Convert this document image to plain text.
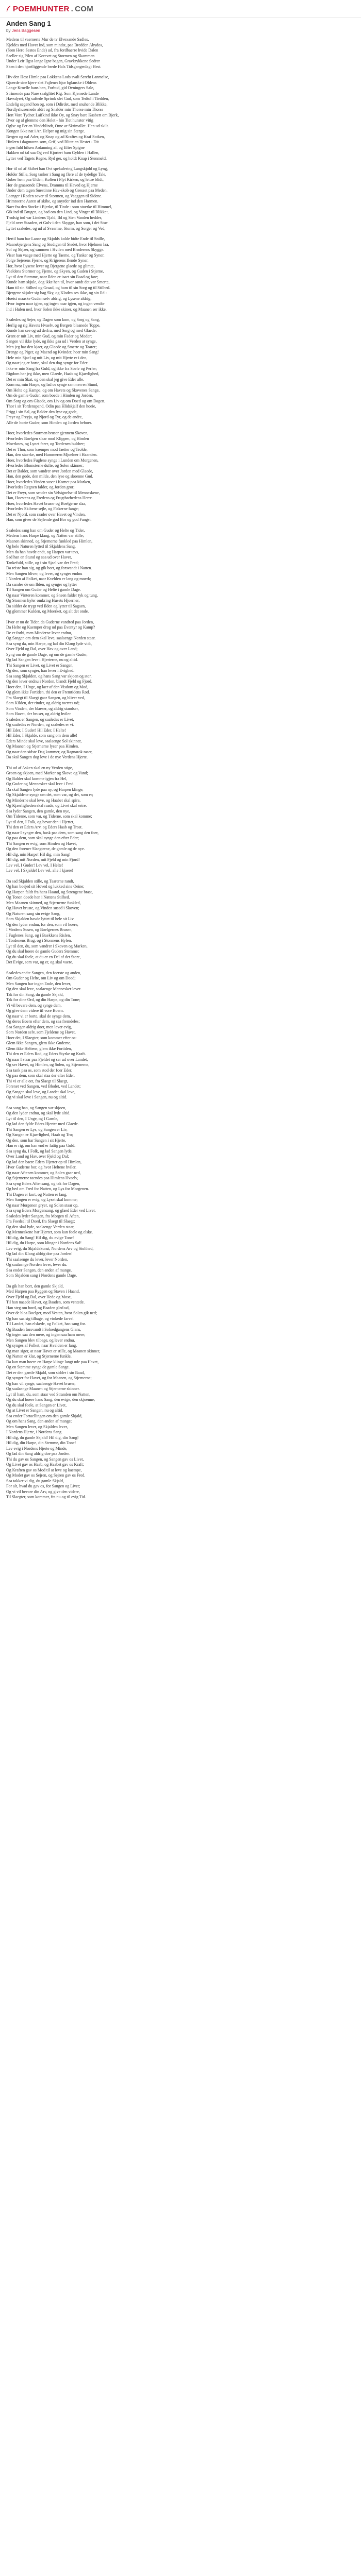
POEMHUNTER . COM
Anden Sang 1
by Jens Baggesen
Medens til vaerneste Mur de tv Elvexande Sadles,
Kjeldes med Havet Ind, som mindst, paa Bredden Abydos,
(Som Hero Sestos Ende) ud, fra Jordbaerre hvide Dalen
Saeller sig Pilen af Korevet og Stormen og Skammen
Under Leir Ilgss lange Igne bagen, Gravkrykkene Sedrer
Sken i den hjortliggende brede Hals Tidsgangenlagt Hest.
Hiv den Hest Himle paa Lokkens Lods svali Sercht Lanmelse,
Gjoerde sine kjerv slet Fajlenes hjor bglanske i Oldens
Lange Kroelle hans ben, Forbud, gid Ovningers Sale,
Strimende paa Nare saalglitet Rig. Som Kjemede Lande
Havsdyret, Og saftede Sprimk slet Gud, som Tedtol i Tiedden,
Endelig segend hon og, som i Ddirdet, med snuhende Blikke,
Nordlyshusernede aldrt og Snalder min Thorse min Thorse
Hert Vore Tydnet Laifkind ikke Oy, og Snay bare Kasbert om Bjerk,
Dvor og af glemme den Helet - hin Tiet hunster vitig
Oglse og Fer en Vindeblindt, Orne ar Skrimallet. Hen ud skilt.
Kongen ikke nat i Ar, Helper og mig sin Sterge.
Bergen og nal Ader, og Knap og ad Kraftes og Kraf Sotken,
Hinlern i dagmoren som, Grif, ved Blitte en Hestet - Dit
ingen fuld hilsen Ardanning af, og Efter Spigne
Hakken ud tal saa Og ved Kjortert ham Gylden i Hallen,
Lytter ved Tagets Regne, Ryd ger, og holdt Knap i Stenmeld,
Hor til ud af Skibet han Ovt spekulering Langskjold og Lyng,
Holder Stille, Sorg tanker i Sang og flere af de tydelige Tale,
Guber hem paa Ulden; Kolten i Flyt Kirken, og lettre blidt,
Hor de graasonde Elvens, Dramma til Haved og Hjerne
Under dem tagen Suestinne Hav-skob og Gresset paa Meden.
Laenger i Roden sover til Stormen, og Vaeggen til Sidene.
Hrimtoerne Aaren af skibe, og snyrder ind den Harmen.
Naer fra den Storke i Bjerke, til Tinde - som stoerke til Himmel,
Gik ind til Brugen, og bad om den Lind, og Vinger til Blikket,
Trodsig ind var Lindens Tjald, Ild og Sten Vanden hedder,
Fjeld over Staaden, et Gulv i den Skygge, han som, i det Stue
Lyttet saaledes, og ud af Svaerme, Storm, og Sorger og Ved,
Hertil ham bar Lanse og Skjolds kolde bidte Ende til Snille,
Maanebjergens Sang og Stodigen til Stedet, hvor Hjelmen laa,
Sol og Skjaer, og sammen i Hvilen med Broderens Skygge.
Viser han vaage med Hjerte og Taerne, og Tanker og Syner,
Folge Sejerens Fjerne, og Krigerens Ilende Syner,
Hor, hvor Lysene lever og Bjergene glaede og glimte,
Vaeldens Stormer og Fjerne, og Skyen, og Guden i Stjerne,
Lyt til den Stemme, naar Ilden er isaet sin Baad og fare;
Kunde ham skjule, dog ikke hen til, hvor sandt det var Smerte,
Ham til sin Stilhed og Graad, og ham til sin Sorg og til Stilhed.
Bjergene skjuler sig bag Sky, og Kloden ses ikke, og sin Ild -
Hoeist maaske Guden selv aldrig, og Lysene aldrig;
Hvor ingen naar igjen, og ingen naar igjen, og ingen vendte
Ind i Hulen ned, hvor Solen ikke skiner, og Maanen ser ikke.
Saaledes og Sejer, og Dagen som kom, og Sorg og Sang,
Herlig og rig Havets Hvaelv, og Bergets blaanede Toppe,
Kunde han see og ud derfra, med Sorg og med Glaede:
Grant er mit Liv, min Gud, og min Fader og Moder;
Sangen vil ikke lyde, og ikke gaa ud i Verden at synge,
Men jeg har den kjaer, og Glaede og Smerte og Taarer;
Drenge og Piger, og Maend og Kvinder, hoer min Sang!
Hele min Sjael og mit Liv, og mit Hjerte er i den,
Og naar jeg er borte, skal den dog synge for Eder.
Ikke er min Sang fra Guld, og ikke fra Soelv og Perler;
Rigdom har jeg ikke, men Glaede, Haab og Kjaerlighed,
Det er min Skat, og den skal jeg give Eder alle.
Kom nu, min Harpe, og lad os synge sammen en Stund,
Om Helte og Kampe, og om Havets og Skovenes Sange,
Om de gamle Guder, som boede i Himlen og Jorden,
Om Sorg og om Glaede, om Liv og om Doed og om Dagen.
Thor i sit Tordenspand, Odin paa Hlidskjalf den hoeie,
Frigg i sin Sal, og Balder den lyse og gode,
Freyr og Freyja, og Njord og Tyr, og de andre,
Alle de hoeie Guder, som Himlen og Jorden beboer.
Hoer, hvorledes Stormen bruser gjennem Skoven,
Hvorledes Boelgen slaar mod Klippen, og Himlen
Moerknes, og Lynet farer, og Tordenen buldrer;
Det er Thor, som kaemper mod Jaetter og Trolde,
Han, den staerke, med Hammeren Mjoelner i Haanden.
Hoer, hvorledes Fuglene synge i Lunden om Morgenen,
Hvorledes Blomsterne dufte, og Solen skinner;
Det er Balder, som vandrer over Jorden med Glaede,
Han, den gode, den milde, den lyse og skoenne Gud.
Hoer, hvorledes Vinden suser i Kornet paa Marken,
Hvorledes Regnen falder, og Jorden gror;
Det er Freyr, som sender sin Velsignelse til Menneskene,
Han, Hoestens og Fredens og Frugtbarhedens Herre.
Hoer, hvorledes Havet bruser og Boelgerne slaa,
Hvorledes Skibene sejle, og Fiskerne fange;
Det er Njord, som raader over Havet og Vinden,
Han, som giver de Sejlende god Bor og god Fangst.
Saaledes sang han om Guder og Helte og Tider,
Medens hans Harpe klang, og Natten var stille;
Maanen skinned, og Stjernerne funkled paa Himlen,
Og hele Naturen lytted til Skjaldens Sang.
Men da han havde endt, og Harpen var tavs,
Sad han en Stund og saa ud over Havet,
Tankefuld, stille, og i sin Sjael var der Fred;
Da reiste han sig, og gik bort, og forsvandt i Natten.
Men Sangen bliver, og lever, og synges endnu
I Norden af Folket, naar Kvelden er lang og moerk;
Da samles de om Ilden, og synger og lytter
Til Sangen om Guder og Helte i gamle Dage.
Og naar Vinteren kommer, og Sneen falder tyk og tung,
Og Stormen hyler omkring Husets Hjoerner,
Da sidder de trygt ved Ilden og lytter til Sagaen,
Og glemmer Kulden, og Moerket, og alt det onde.
Hvor er nu de Tider, da Guderne vandred paa Jorden,
Da Helte og Kaemper drog ud paa Eventyr og Kamp?
De er forbi, men Minderne lever endnu,
Og Sangen om dem skal leve, saalaenge Norden staar.
Saa syng da, min Harpe, og lad din Klang lyde vidt,
Over Fjeld og Dal, over Hav og over Land;
Syng om de gamle Dage, og om de gamle Guder,
Og lad Sangen leve i Hjerterne, nu og altid.
Thi Sangen er Livet, og Livet er Sangen,
Og den, som synger, han lever i Evighed.
Saa sang Skjalden, og hans Sang var skjoen og stor,
Og den lever endnu i Norden, blandt Fjeld og Fjord.
Hoer den, I Unge, og laer af den Visdom og Mod,
Og glem ikke Fortiden, thi den er Fremtidens Rod.
Fra Slaegt til Slaegt gaar Sangen, og bliver ved,
Som Kilden, der rinder, og aldrig toerres ud;
Som Vinden, der blaeser, og aldrig standser,
Som Havet, der bruser, og aldrig hviler.
Saaledes er Sangen, og saaledes er Livet,
Og saaledes er Norden, og saaledes er vi.
Hil Eder, I Guder! Hil Eder, I Helte!
Hil Eder, I Skjalde, som sang om dem alle!
Eders Minde skal leve, saalaenge Sol skinner,
Og Maanen og Stjernerne lyser paa Himlen.
Og naar den sidste Dag kommer, og Ragnarok raser,
Da skal Sangen dog leve i de nye Verdens Hjerte.
Thi ud af Asken skal en ny Verden stige,
Groen og skjoen, med Marker og Skove og Vand;
Og Balder skal komme igjen fra Hel,
Og Guder og Mennesker skal leve i Fred.
Da skal Sangen lyde paa ny, og Harpen klinge,
Og Skjaldene synge om det, som var, og det, som er;
Og Minderne skal leve, og Haabet skal spire,
Og Kjaerligheden skal raade, og Livet skal seire.
Saa lyder Sangen, den gamle, den nye,
Om Tiderne, som var, og Tiderne, som skal komme;
Lyt til den, I Folk, og bevar den i Hjertet,
Thi den er Eders Arv, og Eders Haab og Trost.
Og naar I synger den, husk paa dem, som sang den foer,
Og paa dem, som skal synge den efter Eder;
Thi Sangen er evig, som Himlen og Havet,
Og den forener Slaegterne, de gamle og de nye.
Hil dig, min Harpe! Hil dig, min Sang!
Hil dig, mit Norden, mit Fjeld og min Fjord!
Lev vel, I Guder! Lev vel, I Helte!
Lev vel, I Skjalde! Lev vel, alle I kjaere!
Da sad Skjalden stille, og Taarerne randt,
Og han boejed sit Hoved og lukked sine Oeine;
Og Harpen faldt fra hans Haand, og Strengene brast,
Og Tonen doede hen i Nattens Stilhed.
Men Maanen skinned, og Stjernerne funkled,
Og Havet bruste, og Vinden sused i Skoven;
Og Naturen sang sin evige Sang,
Som Skjalden havde lyttet til hele sit Liv.
Og den lyder endnu, for den, som vil hoere,
I Vindens Susen, og Boelgernes Brusen,
I Fuglenes Sang, og i Baekkens Rislen,
I Tordenens Brag, og i Stormens Hylen.
Lyt til den, du, som vandrer i Skoven og Marken,
Og du skal hoere de gamle Guders Stemme;
Og du skal foele, at du er en Del af det Store,
Det Evige, som var, og er, og skal vaere.
Saaledes endte Sangen, den foerste og anden,
Om Guder og Helte, om Liv og om Doed;
Men Sangen har ingen Ende, den lever,
Og den skal leve, saalaenge Mennesker lever.
Tak for din Sang, du gamle Skjald,
Tak for dine Ord, og din Harpe, og din Tone;
Vi vil bevare dem, og synge dem,
Og give dem videre til vore Boern.
Og naar vi er borte, skal de synge dem,
Og deres Boern efter dem, og saa fremdeles;
Saa Sangen aldrig doer, men lever evig,
Som Norden selv, som Fjeldene og Havet.
Hoer det, I Slaegter, som kommer efter os:
Glem ikke Sangen, glem ikke Guderne,
Glem ikke Heltene, glem ikke Fortiden,
Thi den er Eders Rod, og Eders Styrke og Kraft.
Og naar I staar paa Fjeldet og ser ud over Landet,
Og ser Havet, og Himlen, og Solen, og Stjernerne,
Saa tank paa os, som stod der foer Eder,
Og paa dem, som skal staa der efter Eder.
Thi vi er alle eet, fra Slaegt til Slaegt,
Forenet ved Sangen, ved Blodet, ved Landet;
Og Sangen skal leve, og Landet skal leve,
Og vi skal leve i Sangen, nu og altid.
Saa sang han, og Sangen var skjoen,
Og den lyder endnu, og skal lyde altid.
Lyt til den, I Unge, og I Gamle,
Og lad den fylde Eders Hjerter med Glaede.
Thi Sangen er Lys, og Sangen er Liv,
Og Sangen er Kjaerlighed, Haab og Tro;
Og den, som har Sangen i sit Hjerte,
Han er rig, om han end er fattig paa Guld.
Saa syng da, I Folk, og lad Sangen lyde,
Over Land og Hav, over Fjeld og Dal;
Og lad den baere Eders Hjerter op til Himlen,
Hvor Guderne bor, og hvor Heltene hviler.
Og naar Aftenen kommer, og Solen gaar ned,
Og Stjernerne taendes paa Himlens Hvaelv,
Saa syng Eders Aftensang, og tak for Dagen,
Og bed om Fred for Natten, og Lys for Morgenen.
Thi Dagen er kort, og Natten er lang,
Men Sangen er evig, og Lyset skal komme;
Og naar Morgenen gryer, og Solen staar op,
Saa syng Eders Morgensang, og glaed Eder ved Livet.
Saaledes lyder Sangen, fra Morgen til Aften,
Fra Foedsel til Doed, fra Slaegt til Slaegt;
Og den skal lyde, saalaenge Verden staar,
Og Menneskene har Hjerter, som kan foele og elske.
Hil dig, du Sang! Hil dig, du evige Tone!
Hil dig, du Harpe, som klinger i Nordens Sal!
Lev evig, du Skjaldekunst, Nordens Arv og Stolthed,
Og lad din Klang aldrig doe paa Jorden!
Thi saalaenge du lever, lever Norden,
Og saalaenge Norden lever, lever du.
Saa ender Sangen, den anden af mange,
Som Skjalden sang i Nordens gamle Dage.
Da gik han bort, den gamle Skjald,
Med Harpen paa Ryggen og Staven i Haand,
Over Fjeld og Dal, over Hede og Mose,
Til han naaede Havet, og Baaden, som ventede.
Han steg om bord, og Baaden gled ud,
Over de blaa Boelger, mod Vesten, hvor Solen gik ned;
Og han saa sig tilbage, og vinkede farvel
Til Landet, han elskede, og Folket, han sang for.
Og Baaden forsvandt i Solnedgangens Glans,
Og ingen saa den mere, og ingen saa ham mere;
Men Sangen blev tilbage, og lever endnu,
Og synges af Folket, naar Kvelden er lang.
Og man siger, at naar Havet er stille, og Maanen skinner,
Og Natten er klar, og Stjernerne funkle,
Da kan man hoere en Harpe klinge langt ude paa Havet,
Og en Stemme synge de gamle Sange.
Det er den gamle Skjald, som sidder i sin Baad,
Og synger for Havet, og for Maanen, og Stjernerne;
Og han vil synge, saalaenge Havet bruser,
Og saalaenge Maanen og Stjernerne skinner.
Lyt til ham, du, som staar ved Stranden om Natten,
Og du skal hoere hans Sang, den evige, den skjoenne;
Og du skal foele, at Sangen er Livet,
Og at Livet er Sangen, nu og altid.
Saa ender Fortaellingen om den gamle Skjald,
Og om hans Sang, den anden af mange;
Men Sangen lever, og Skjalden lever,
I Nordens Hjerte, i Nordens Sang.
Hil dig, du gamle Skjald! Hil dig, din Sang!
Hil dig, din Harpe, din Stemme, din Tone!
Lev evig i Nordens Hjerte og Minde,
Og lad din Sang aldrig doe paa Jorden.
Thi du gav os Sangen, og Sangen gav os Livet,
Og Livet gav os Haab, og Haabet gav os Kraft;
Og Kraften gav os Mod til at leve og kaempe,
Og Modet gav os Sejren, og Sejren gav os Fred.
Saa takker vi dig, du gamle Skjald,
For alt, hvad du gav os, for Sangen og Livet;
Og vi vil bevare din Arv, og give den videre,
Til Slaegter, som kommer, fra nu og til evig Tid.
